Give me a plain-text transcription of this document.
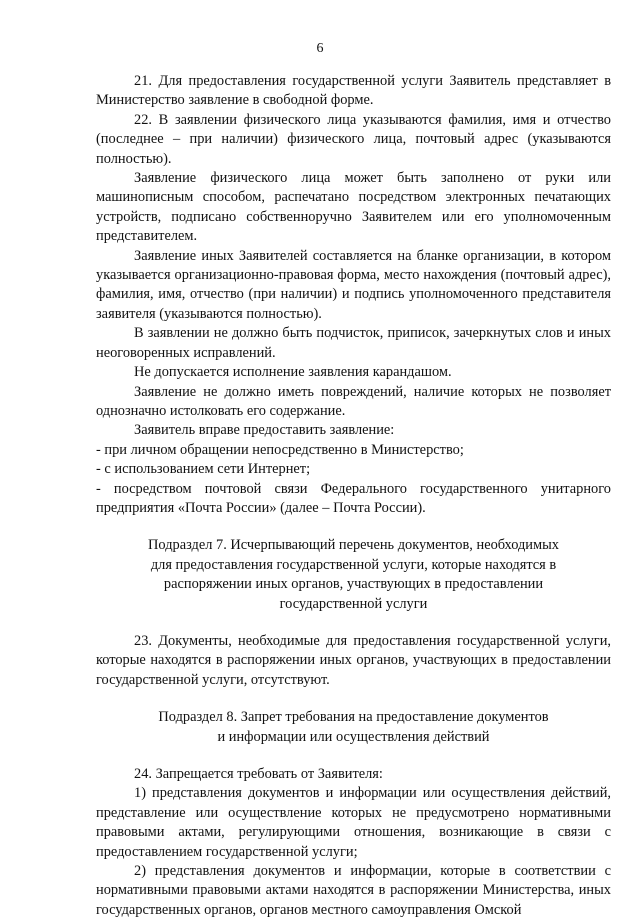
6

21. Для предоставления государственной услуги Заявитель представляет в Министерство заявление в свободной форме.

22. В заявлении физического лица указываются фамилия, имя и отчество (последнее – при наличии) физического лица, почтовый адрес (указываются полностью).

Заявление физического лица может быть заполнено от руки или машинописным способом, распечатано посредством электронных печатающих устройств, подписано собственноручно Заявителем или его уполномоченным представителем.

Заявление иных Заявителей составляется на бланке организации, в котором указывается организационно-правовая форма, место нахождения (почтовый адрес), фамилия, имя, отчество (при наличии) и подпись уполномоченного представителя заявителя (указываются полностью).

В заявлении не должно быть подчисток, приписок, зачеркнутых слов и иных неоговоренных исправлений.

Не допускается исполнение заявления карандашом.

Заявление не должно иметь повреждений, наличие которых не позволяет однозначно истолковать его содержание.

Заявитель вправе предоставить заявление:

- при личном обращении непосредственно в Министерство;

- с использованием сети Интернет;

- посредством почтовой связи Федерального государственного унитарного предприятия «Почта России» (далее – Почта России).

Подраздел 7. Исчерпывающий перечень документов, необходимых
для предоставления государственной услуги, которые находятся в
распоряжении иных органов, участвующих в предоставлении
государственной услуги

23. Документы, необходимые для предоставления государственной услуги, которые находятся в распоряжении иных органов, участвующих в предоставлении государственной услуги, отсутствуют.

Подраздел 8. Запрет требования на предоставление документов
и информации или осуществления действий

24. Запрещается требовать от Заявителя:

1) представления документов и информации или осуществления действий, представление или осуществление которых не предусмотрено нормативными правовыми актами, регулирующими отношения, возникающие в связи с предоставлением государственной услуги;

2) представления документов и информации, которые в соответствии с нормативными правовыми актами находятся в распоряжении Министерства, иных государственных органов, органов местного самоуправления Омской
